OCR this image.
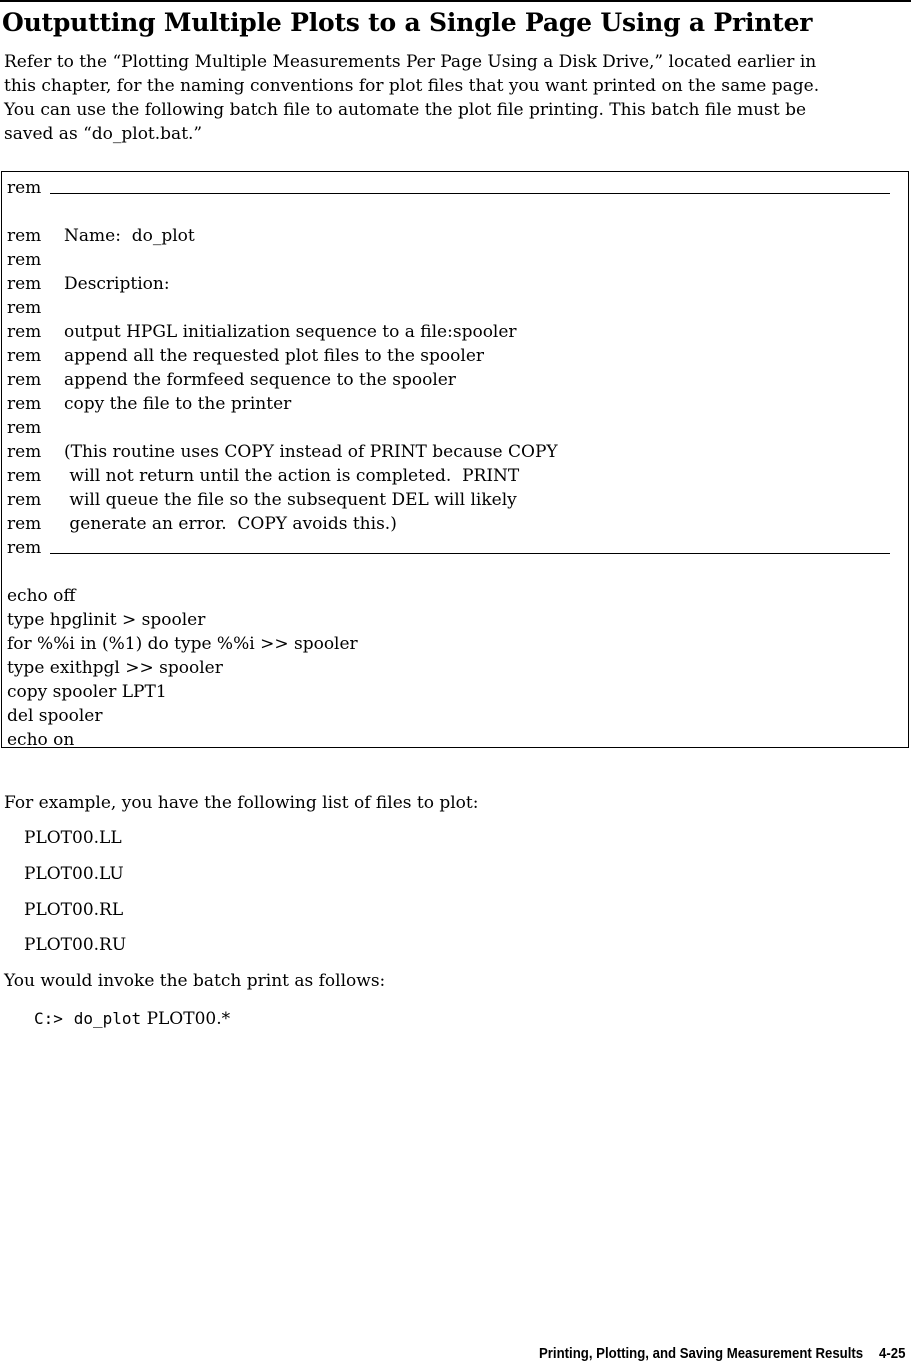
Outputting Multiple Plots to a Single Page Using a Printer
Refer to the “Plotting Multiple Measurements Per Page Using a Disk Drive,” located earlier in
this chapter, for the naming conventions for plot files that you want printed on the same page.
You can use the following batch file to automate the plot file printing. This batch file must be
saved as “do_plot.bat.”
rem
rem Name:  do_plot
rem
rem Description:
rem
rem output HPGL initialization sequence to a file:spooler
rem append all the requested plot files to the spooler
rem append the formfeed sequence to the spooler
rem copy the file to the printer
rem
rem (This routine uses COPY instead of PRINT because COPY
rem will not return until the action is completed.  PRINT
rem will queue the file so the subsequent DEL will likely
rem generate an error.  COPY avoids this.)
rem
echo off
type hpglinit > spooler
for %%i in (%1) do type %%i >> spooler
type exithpgl >> spooler
copy spooler LPT1
del spooler
echo on

For example, you have the following list of files to plot:

PLOT00.LL
PLOT00.LU
PLOT00.RL
PLOT00.RU

You would invoke the batch print as follows:

C:> do_plot PLOT00.*
Printing, Plotting, and Saving Measurement Results 4-25
